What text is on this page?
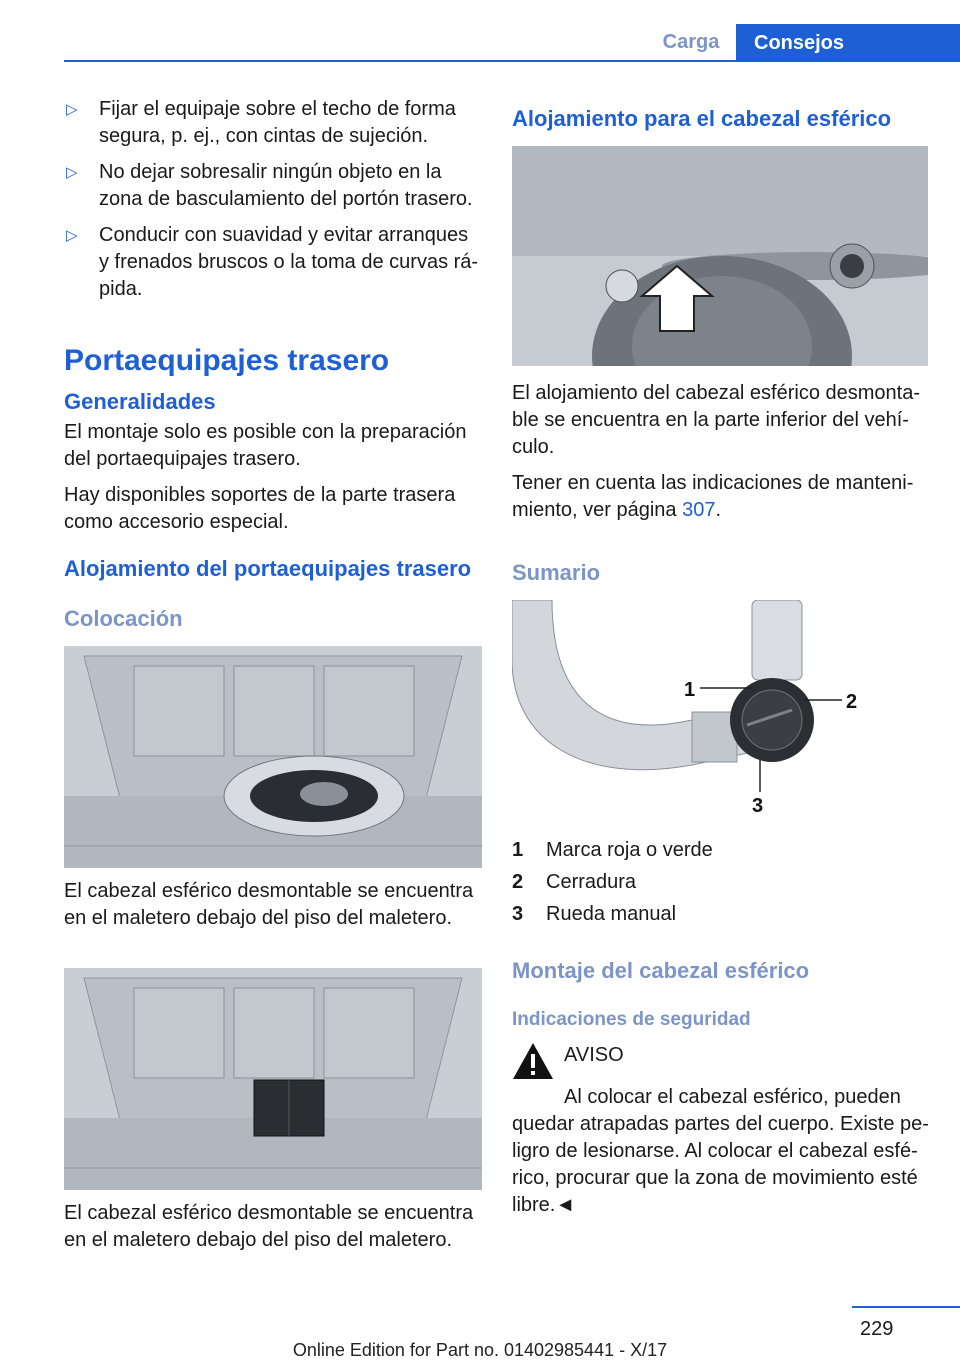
Carga	Consejos
▷ Fijar el equipaje sobre el techo de forma segura, p. ej., con cintas de sujeción.
▷ No dejar sobresalir ningún objeto en la zona de basculamiento del portón trasero.
▷ Conducir con suavidad y evitar arranques y frenados bruscos o la toma de curvas rá-pida.
Portaequipajes trasero
Generalidades

El montaje solo es posible con la preparación del portaequipajes trasero.

Hay disponibles soportes de la parte trasera como accesorio especial.

Alojamiento del portaequipajes trasero
Colocación

El cabezal esférico desmontable se encuentra en el maletero debajo del piso del maletero.

El cabezal esférico desmontable se encuentra en el maletero debajo del piso del maletero.

Alojamiento para el cabezal esférico

El alojamiento del cabezal esférico desmonta-ble se encuentra en la parte inferior del vehí-culo.

Tener en cuenta las indicaciones de manteni-miento, ver página 307.

Sumario
1
2
3
1	Marca roja o verde
2	Cerradura
3	Rueda manual
Montaje del cabezal esférico
Indicaciones de seguridad

AVISO

Al colocar el cabezal esférico, pueden quedar atrapadas partes del cuerpo. Existe pe-ligro de lesionarse. Al colocar el cabezal esfé-rico, procurar que la zona de movimiento esté libre.◄

229
Online Edition for Part no. 01402985441 - X/17
